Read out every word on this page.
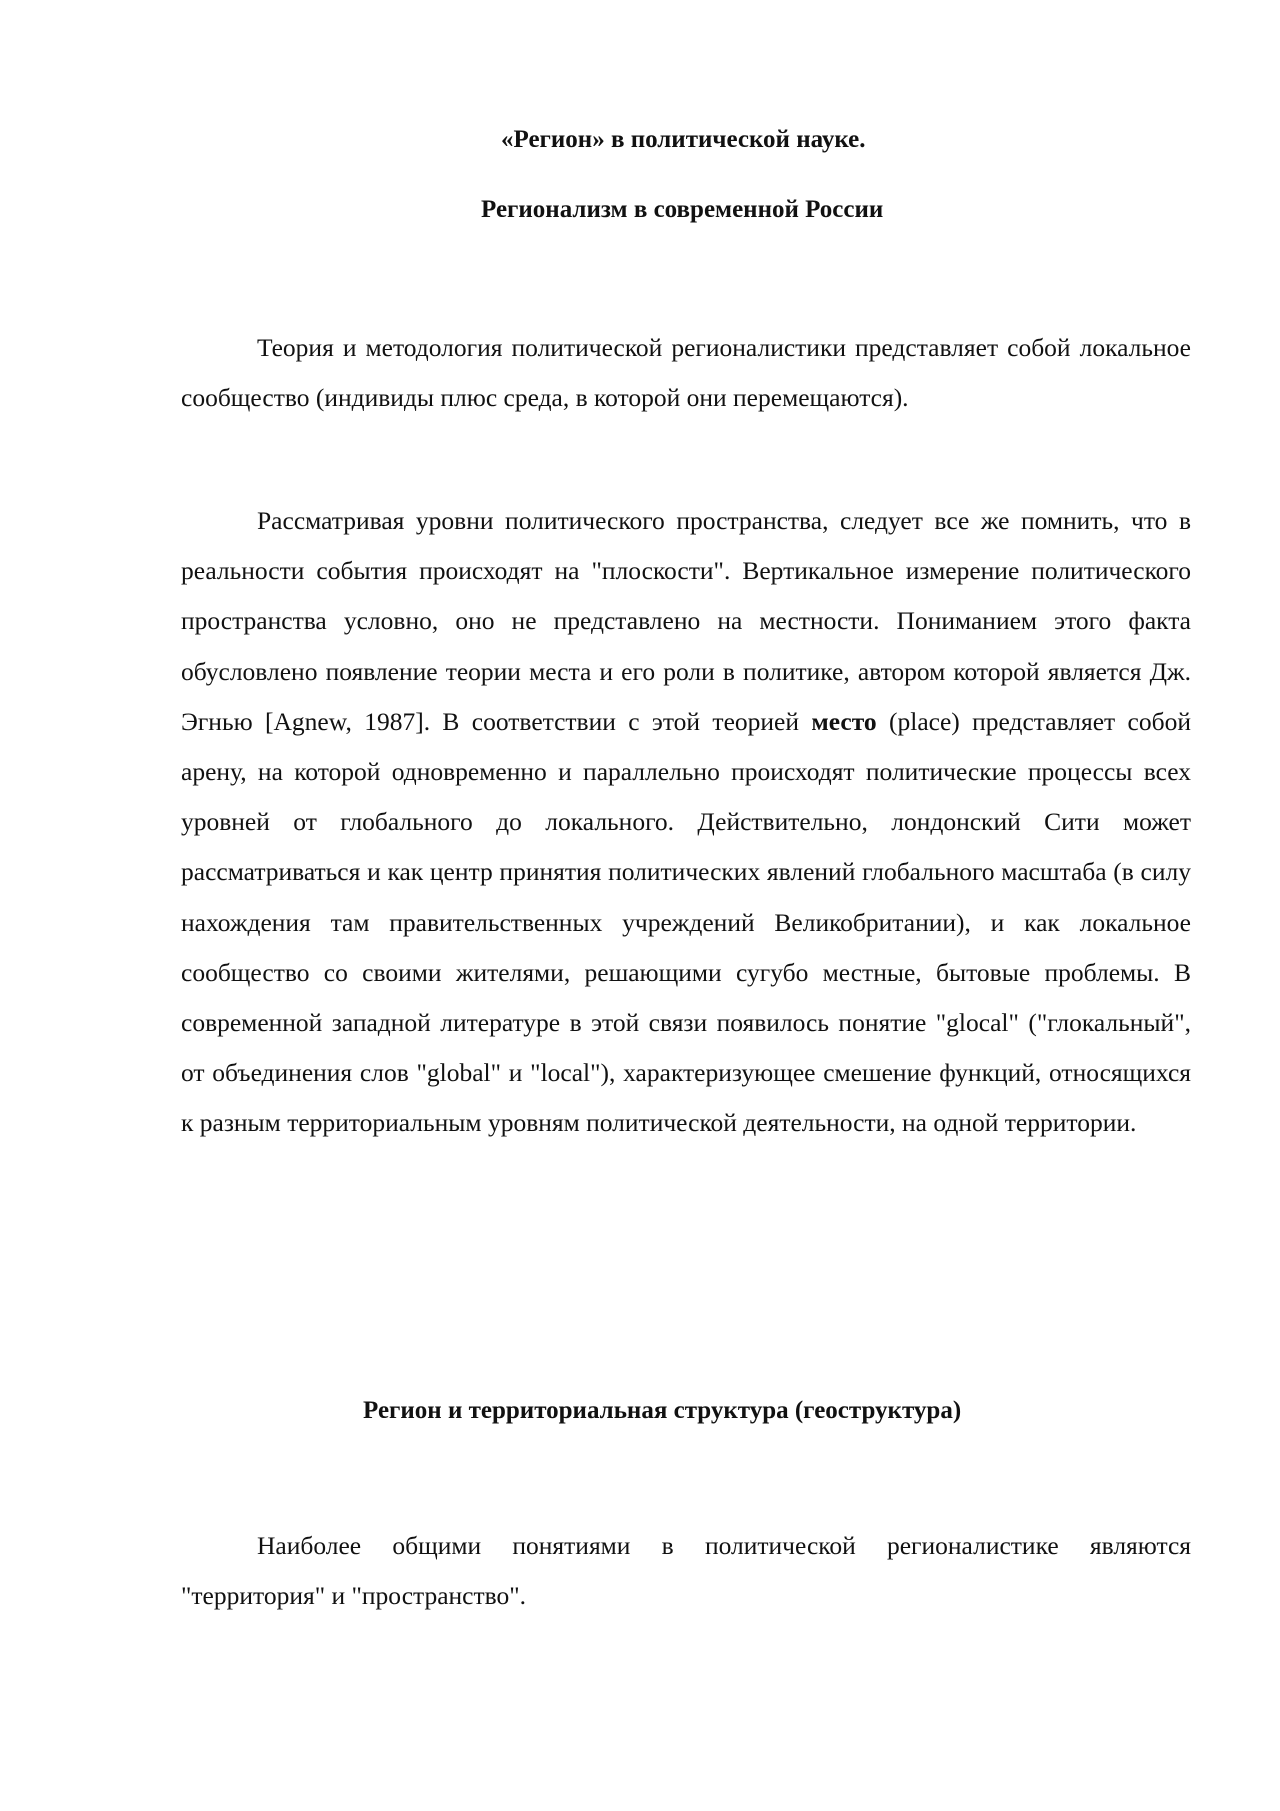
«Регион» в политической науке.
Регионализм в современной России

Теория и методология политической регионалистики представляет собой локальное сообщество (индивиды плюс среда, в которой они перемещаются).

Рассматривая уровни политического пространства, следует все же помнить, что в реальности события происходят на "плоскости". Вертикальное измерение политического пространства условно, оно не представлено на местности. Пониманием этого факта обусловлено появление теории места и его роли в политике, автором которой является Дж. Эгнью [Agnew, 1987]. В соответствии с этой теорией место (place) представляет собой арену, на которой одновременно и параллельно происходят политические процессы всех уровней от глобального до локального. Действительно, лондонский Сити может рассматриваться и как центр принятия политических явлений глобального масштаба (в силу нахождения там правительственных учреждений Великобритании), и как локальное сообщество со своими жителями, решающими сугубо местные, бытовые проблемы. В современной западной литературе в этой связи появилось понятие "glocal" ("глокальный", от объединения слов "global" и "local"), характеризующее смешение функций, относящихся к разным территориальным уровням политической деятельности, на одной территории.

Регион и территориальная структура (геоструктура)

Наиболее общими понятиями в политической регионалистике являются "территория" и "пространство".
